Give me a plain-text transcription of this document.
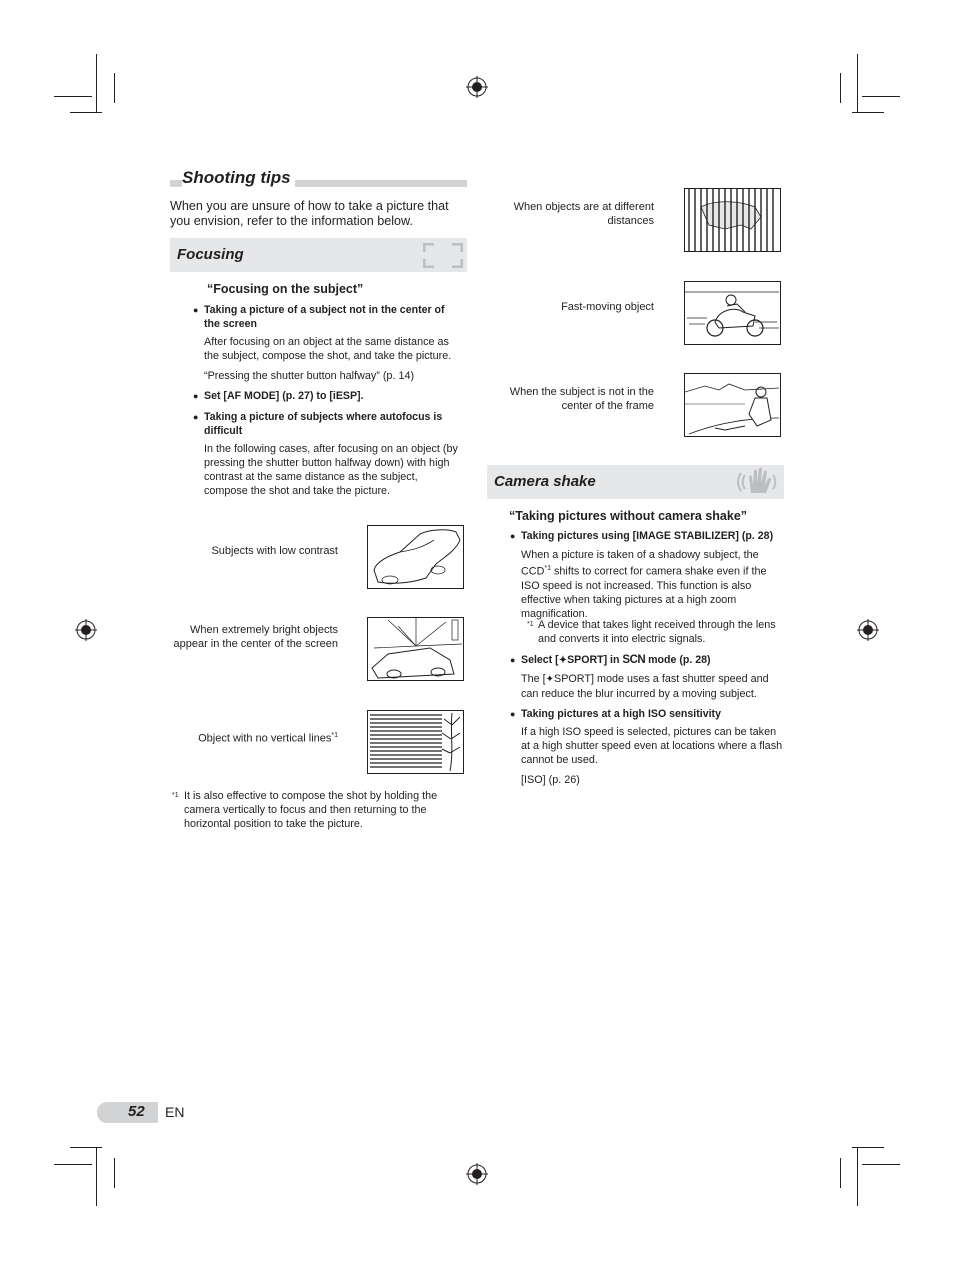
Shooting tips
When you are unsure of how to take a picture that you envision, refer to the information below.
Focusing
“Focusing on the subject”
● Taking a picture of a subject not in the center of the screen
After focusing on an object at the same distance as the subject, compose the shot, and take the picture.
“Pressing the shutter button halfway” (p. 14)
● Set [AF MODE] (p. 27) to [iESP].
● Taking a picture of subjects where autofocus is difficult
In the following cases, after focusing on an object (by pressing the shutter button halfway down) with high contrast at the same distance as the subject, compose the shot and take the picture.
Subjects with low contrast
When extremely bright objects appear in the center of the screen
Object with no vertical lines$^{*1}$
$^{*1}$ It is also effective to compose the shot by holding the camera vertically to focus and then returning to the horizontal position to take the picture.
When objects are at different distances
Fast-moving object
When the subject is not in the center of the frame
Camera shake
“Taking pictures without camera shake”
● Taking pictures using [IMAGE STABILIZER] (p. 28)
When a picture is taken of a shadowy subject, the CCD$^{*1}$ shifts to correct for camera shake even if the ISO speed is not increased. This function is also effective when taking pictures at a high zoom magnification.
$^{*1}$ A device that takes light received through the lens and converts it into electric signals.
● Select [✦SPORT] in SCN mode (p. 28)
The [✦SPORT] mode uses a fast shutter speed and can reduce the blur incurred by a moving subject.
● Taking pictures at a high ISO sensitivity
If a high ISO speed is selected, pictures can be taken at a high shutter speed even at locations where a flash cannot be used.
[ISO] (p. 26)
52 EN
